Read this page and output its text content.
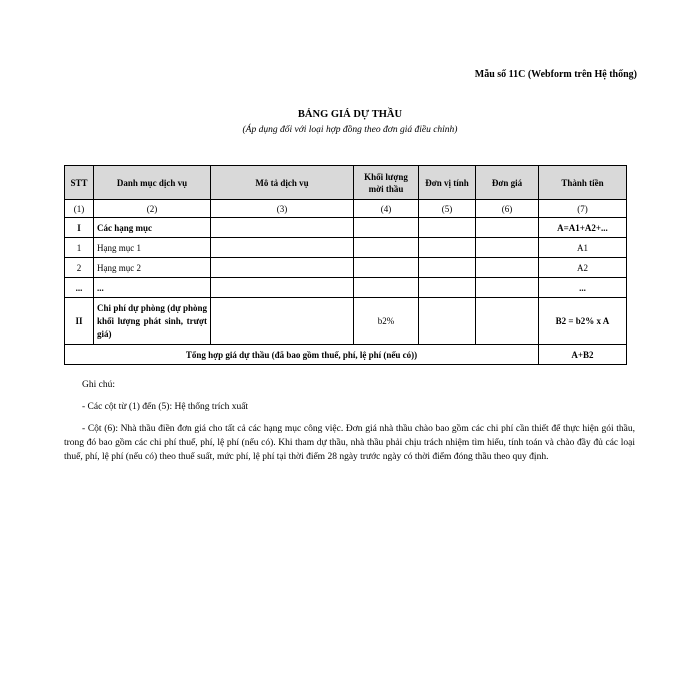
Mẫu số 11C (Webform trên Hệ thống)
BẢNG GIÁ DỰ THẦU
(Áp dụng đối với loại hợp đồng theo đơn giá điều chỉnh)
STT	Danh mục dịch vụ	Mô tả dịch vụ	Khối lượng mời thầu	Đơn vị tính	Đơn giá	Thành tiền
(1)	(2)	(3)	(4)	(5)	(6)	(7)
I	Các hạng mục					A=A1+A2+...
1	Hạng mục 1					A1
2	Hạng mục 2					A2
...	...					...
II	Chi phí dự phòng (dự phòng khối lượng phát sinh, trượt giá)		b2%			B2 = b2% x A
Tổng hợp giá dự thầu (đã bao gồm thuế, phí, lệ phí (nếu có))						A+B2

Ghi chú:

- Các cột từ (1) đến (5): Hệ thống trích xuất

- Cột (6): Nhà thầu điền đơn giá cho tất cả các hạng mục công việc. Đơn giá nhà thầu chào bao gồm các chi phí cần thiết để thực hiện gói thầu, trong đó bao gồm các chi phí thuế, phí, lệ phí (nếu có). Khi tham dự thầu, nhà thầu phải chịu trách nhiệm tìm hiểu, tính toán và chào đầy đủ các loại thuế, phí, lệ phí (nếu có) theo thuế suất, mức phí, lệ phí tại thời điểm 28 ngày trước ngày có thời điểm đóng thầu theo quy định.
